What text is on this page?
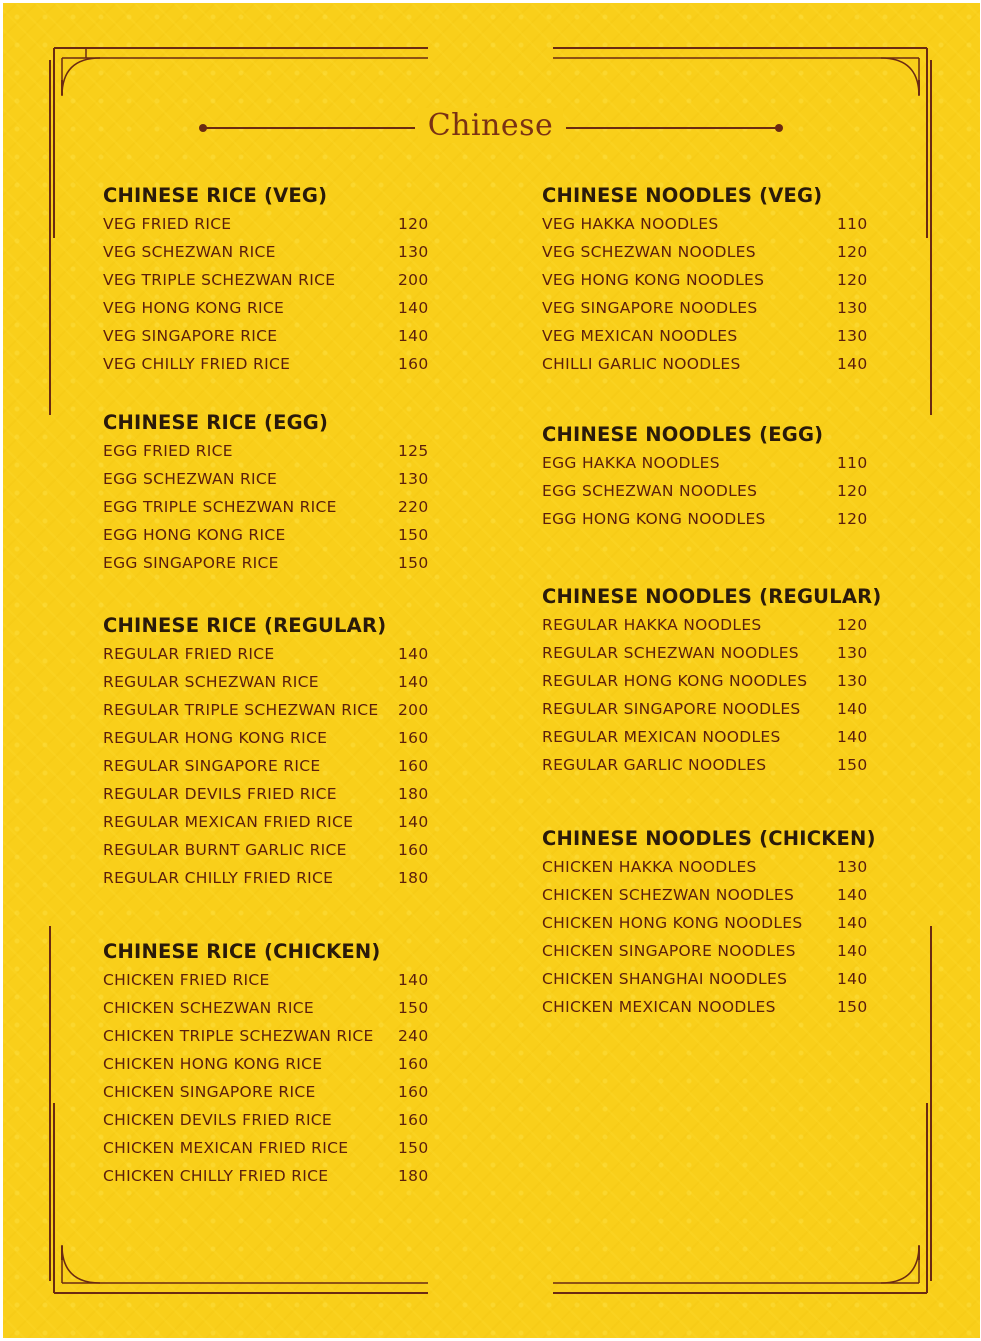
Chinese
CHINESE RICE (VEG)
VEG FRIED RICE	120
VEG SCHEZWAN RICE	130
VEG TRIPLE SCHEZWAN RICE	200
VEG HONG KONG RICE	140
VEG SINGAPORE RICE	140
VEG CHILLY FRIED RICE	160
CHINESE RICE (EGG)
EGG FRIED RICE	125
EGG SCHEZWAN RICE	130
EGG TRIPLE SCHEZWAN RICE	220
EGG HONG KONG RICE	150
EGG SINGAPORE RICE	150
CHINESE RICE (REGULAR)
REGULAR FRIED RICE	140
REGULAR SCHEZWAN RICE	140
REGULAR TRIPLE SCHEZWAN RICE 200
REGULAR HONG KONG RICE	160
REGULAR SINGAPORE RICE	160
REGULAR DEVILS FRIED RICE	180
REGULAR MEXICAN FRIED RICE	140
REGULAR BURNT GARLIC RICE	160
REGULAR CHILLY FRIED RICE	180
CHINESE RICE (CHICKEN)
CHICKEN FRIED RICE	140
CHICKEN SCHEZWAN RICE	150
CHICKEN TRIPLE SCHEZWAN RICE 240
CHICKEN HONG KONG RICE	160
CHICKEN SINGAPORE RICE	160
CHICKEN DEVILS FRIED RICE	160
CHICKEN MEXICAN FRIED RICE	150
CHICKEN CHILLY FRIED RICE	180
CHINESE NOODLES (VEG)
VEG HAKKA NOODLES	110
VEG SCHEZWAN NOODLES	120
VEG HONG KONG NOODLES	120
VEG SINGAPORE NOODLES	130
VEG MEXICAN NOODLES	130
CHILLI GARLIC NOODLES	140
CHINESE NOODLES (EGG)
EGG HAKKA NOODLES	110
EGG SCHEZWAN NOODLES	120
EGG HONG KONG NOODLES	120
CHINESE NOODLES (REGULAR)
REGULAR HAKKA NOODLES	120
REGULAR SCHEZWAN NOODLES 130
REGULAR HONG KONG NOODLES 130
REGULAR SINGAPORE NOODLES 140
REGULAR MEXICAN NOODLES	140
REGULAR GARLIC NOODLES	150
CHINESE NOODLES (CHICKEN)
CHICKEN HAKKA NOODLES	130
CHICKEN SCHEZWAN NOODLES	140
CHICKEN HONG KONG NOODLES 140
CHICKEN SINGAPORE NOODLES	140
CHICKEN SHANGHAI NOODLES	140
CHICKEN MEXICAN NOODLES	150
